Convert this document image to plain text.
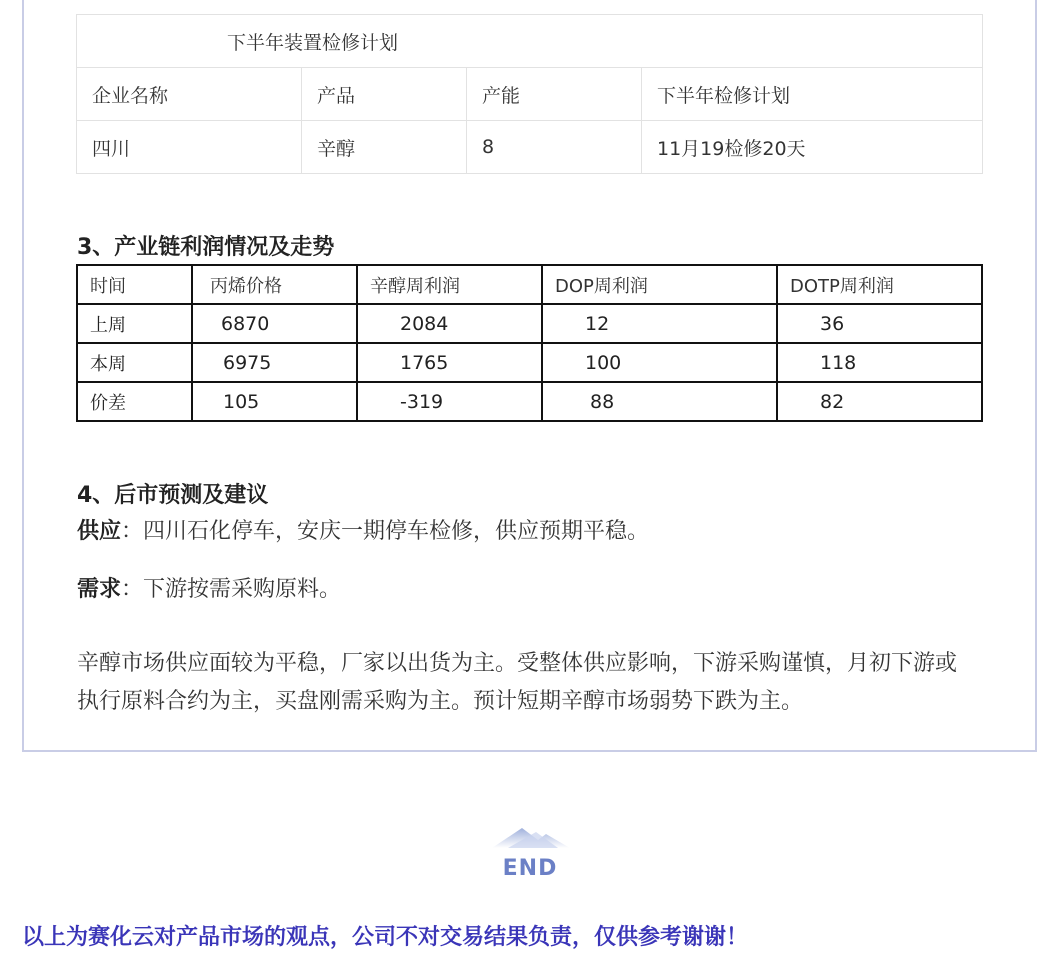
下半年装置检修计划			
企业名称	产品	产能	下半年检修计划
四川	辛醇	8	11月19检修20天
3、产业链利润情况及走势
时间	丙烯价格	辛醇周利润	DOP周利润	DOTP周利润
上周	6870	2084	12	36
本周	6975	1765	100	118
价差	105	-319	88	82
4、后市预测及建议
供应：四川石化停车，安庆一期停车检修，供应预期平稳。
需求：下游按需采购原料。
辛醇市场供应面较为平稳，厂家以出货为主。受整体供应影响，下游采购谨慎，月初下游或执行原料合约为主，买盘刚需采购为主。预计短期辛醇市场弱势下跌为主。
END
以上为赛化云对产品市场的观点，公司不对交易结果负责，仅供参考谢谢！
